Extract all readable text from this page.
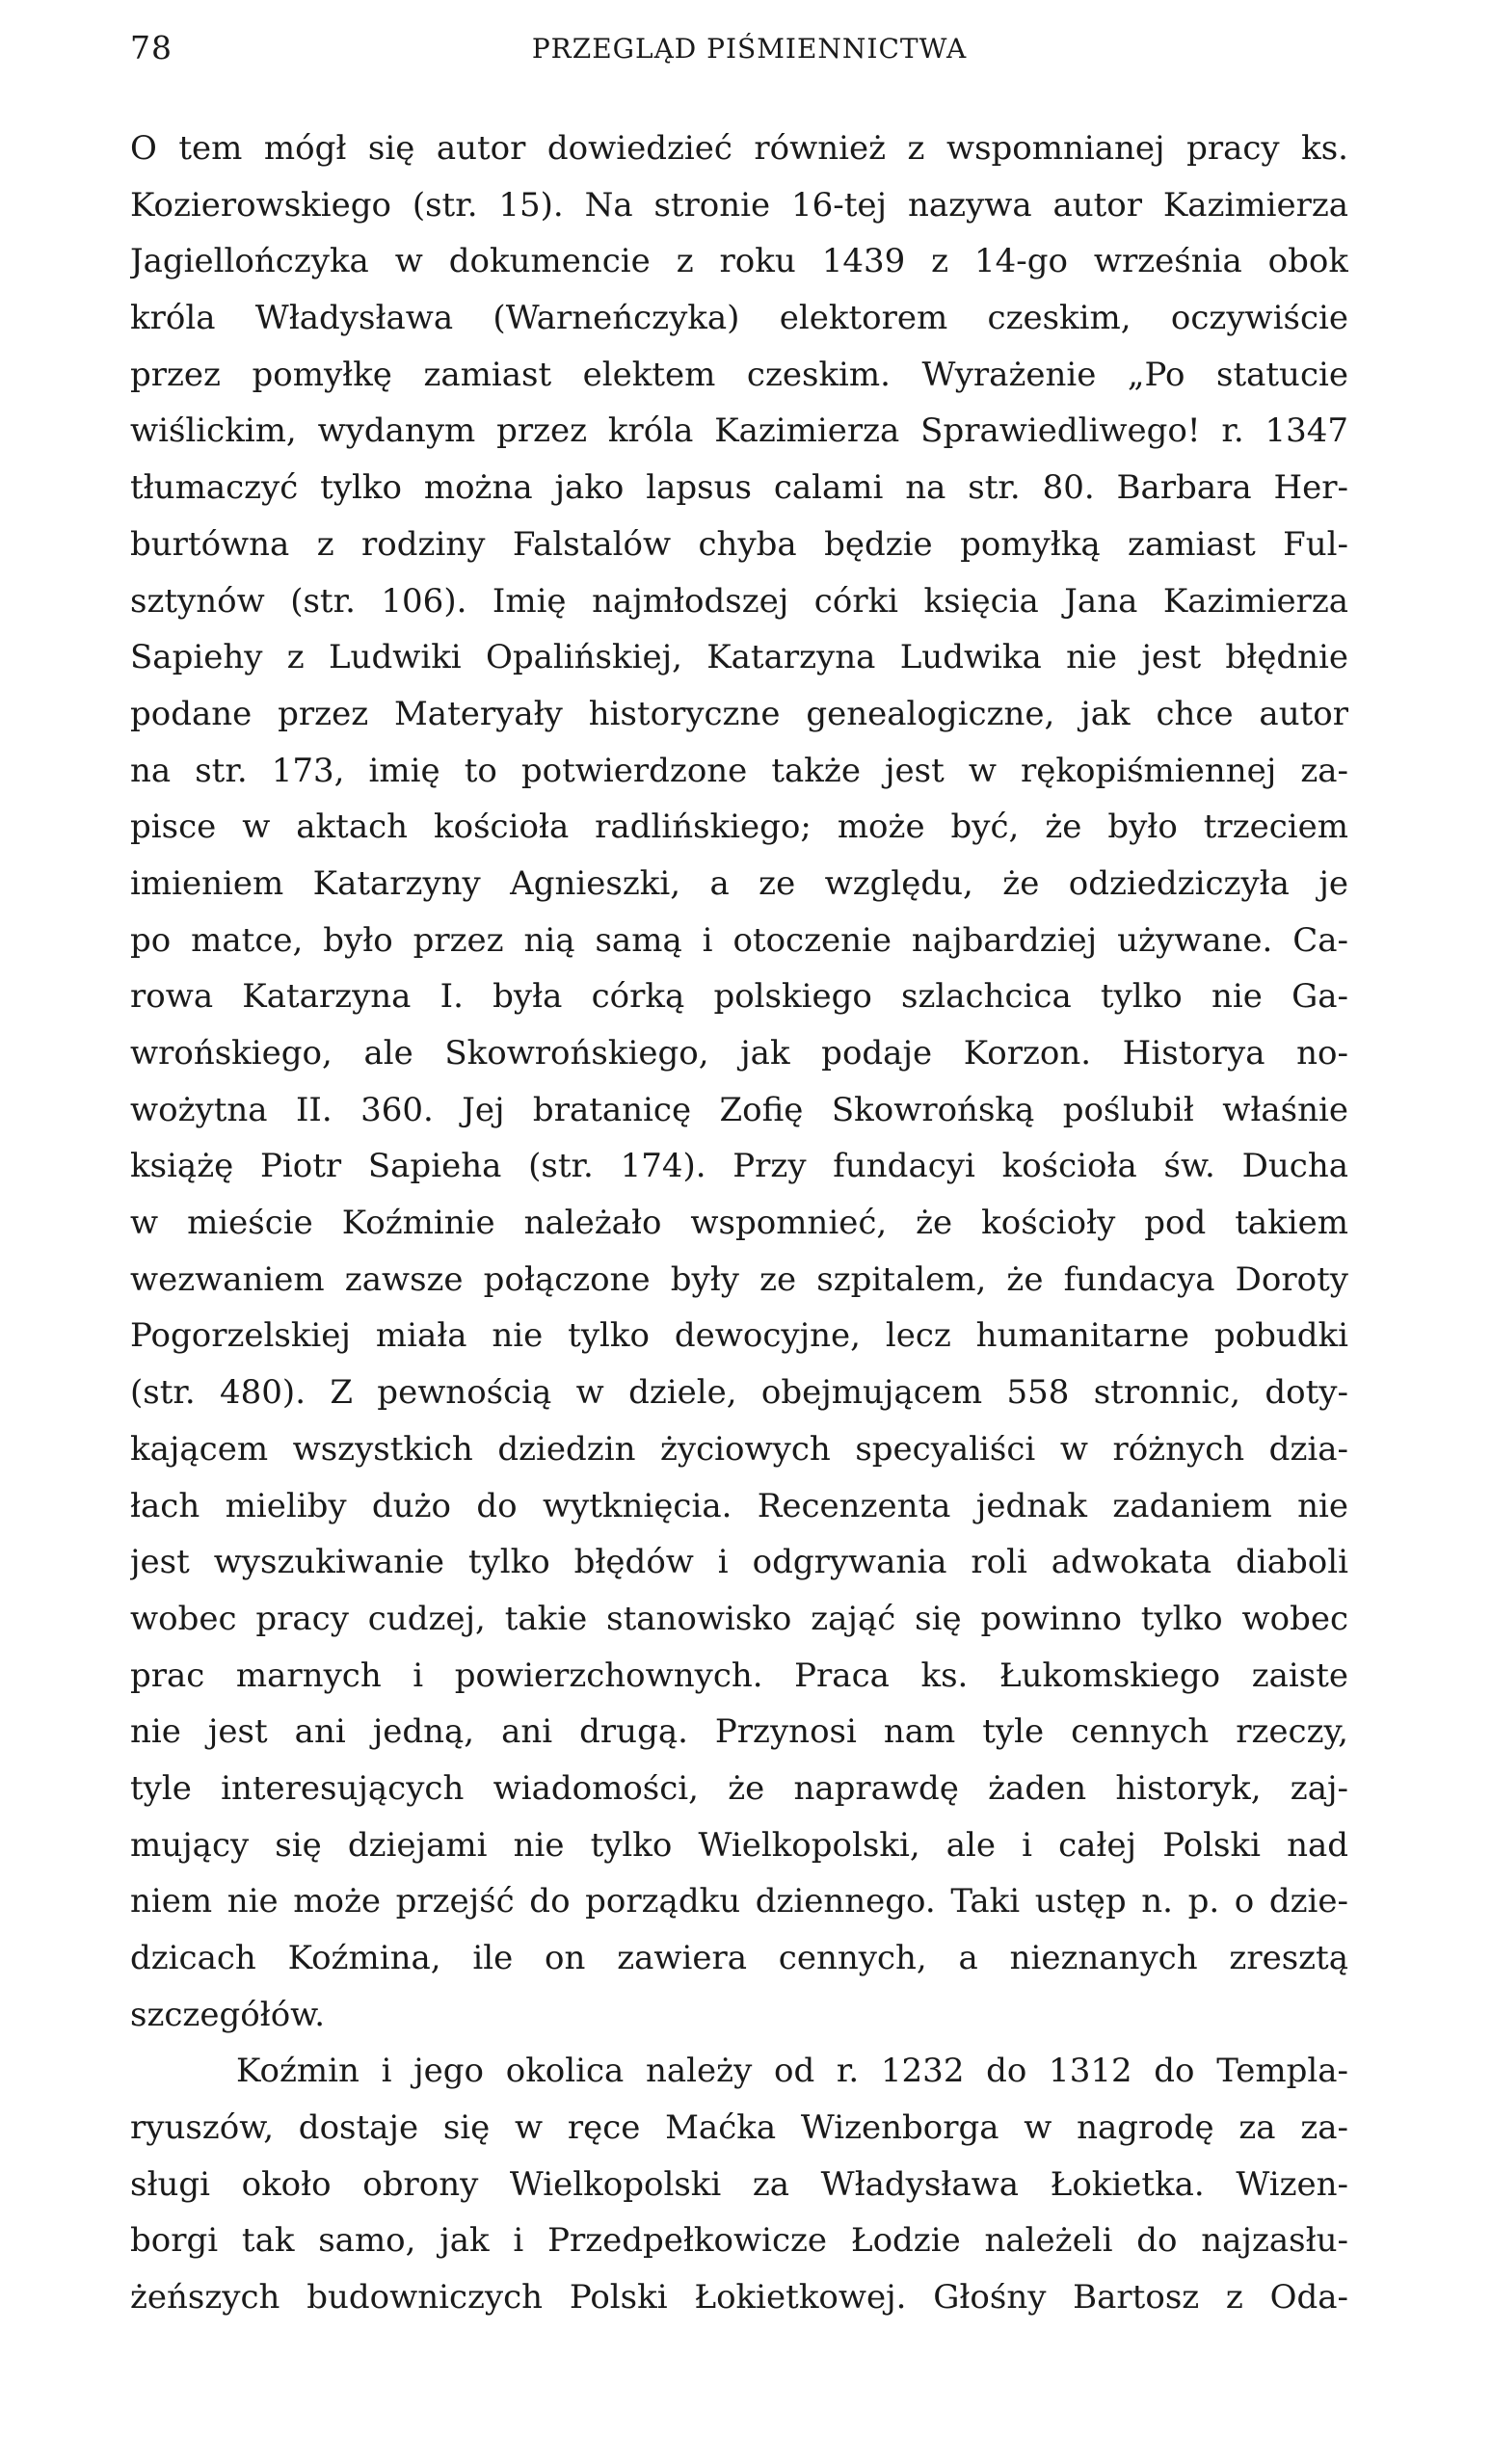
78	PRZEGLĄD PIŚMIENNICTWA
O tem mógł się autor dowiedzieć również z wspomnianej pracy ks.
Kozierowskiego (str. 15). Na stronie 16-tej nazywa autor Kazimierza
Jagiellończyka w dokumencie z roku 1439 z 14-go września obok
króla Władysława (Warneńczyka) elektorem czeskim, oczywiście
przez pomyłkę zamiast elektem czeskim. Wyrażenie „Po statucie
wiślickim, wydanym przez króla Kazimierza Sprawiedliwego! r. 1347
tłumaczyć tylko można jako lapsus calami na str. 80. Barbara Her-
burtówna z rodziny Falstalów chyba będzie pomyłką zamiast Ful-
sztynów (str. 106). Imię najmłodszej córki księcia Jana Kazimierza
Sapiehy z Ludwiki Opalińskiej, Katarzyna Ludwika nie jest błędnie
podane przez Materyały historyczne genealogiczne, jak chce autor
na str. 173, imię to potwierdzone także jest w rękopiśmiennej za-
pisce w aktach kościoła radlińskiego; może być, że było trzeciem
imieniem Katarzyny Agnieszki, a ze względu, że odziedziczyła je
po matce, było przez nią samą i otoczenie najbardziej używane. Ca-
rowa Katarzyna I. była córką polskiego szlachcica tylko nie Ga-
wrońskiego, ale Skowrońskiego, jak podaje Korzon. Historya no-
wożytna II. 360. Jej bratanicę Zofię Skowrońską poślubił właśnie
książę Piotr Sapieha (str. 174). Przy fundacyi kościoła św. Ducha
w mieście Koźminie należało wspomnieć, że kościoły pod takiem
wezwaniem zawsze połączone były ze szpitalem, że fundacya Doroty
Pogorzelskiej miała nie tylko dewocyjne, lecz humanitarne pobudki
(str. 480). Z pewnością w dziele, obejmującem 558 stronnic, doty-
kającem wszystkich dziedzin życiowych specyaliści w różnych dzia-
łach mieliby dużo do wytknięcia. Recenzenta jednak zadaniem nie
jest wyszukiwanie tylko błędów i odgrywania roli adwokata diaboli
wobec pracy cudzej, takie stanowisko zająć się powinno tylko wobec
prac marnych i powierzchownych. Praca ks. Łukomskiego zaiste
nie jest ani jedną, ani drugą. Przynosi nam tyle cennych rzeczy,
tyle interesujących wiadomości, że naprawdę żaden historyk, zaj-
mujący się dziejami nie tylko Wielkopolski, ale i całej Polski nad
niem nie może przejść do porządku dziennego. Taki ustęp n. p. o dzie-
dzicach Koźmina, ile on zawiera cennych, a nieznanych zresztą
szczegółów.
Koźmin i jego okolica należy od r. 1232 do 1312 do Templa-
ryuszów, dostaje się w ręce Maćka Wizenborga w nagrodę za za-
sługi około obrony Wielkopolski za Władysława Łokietka. Wizen-
borgi tak samo, jak i Przedpełkowicze Łodzie należeli do najzasłu-
żeńszych budowniczych Polski Łokietkowej. Głośny Bartosz z Oda-
